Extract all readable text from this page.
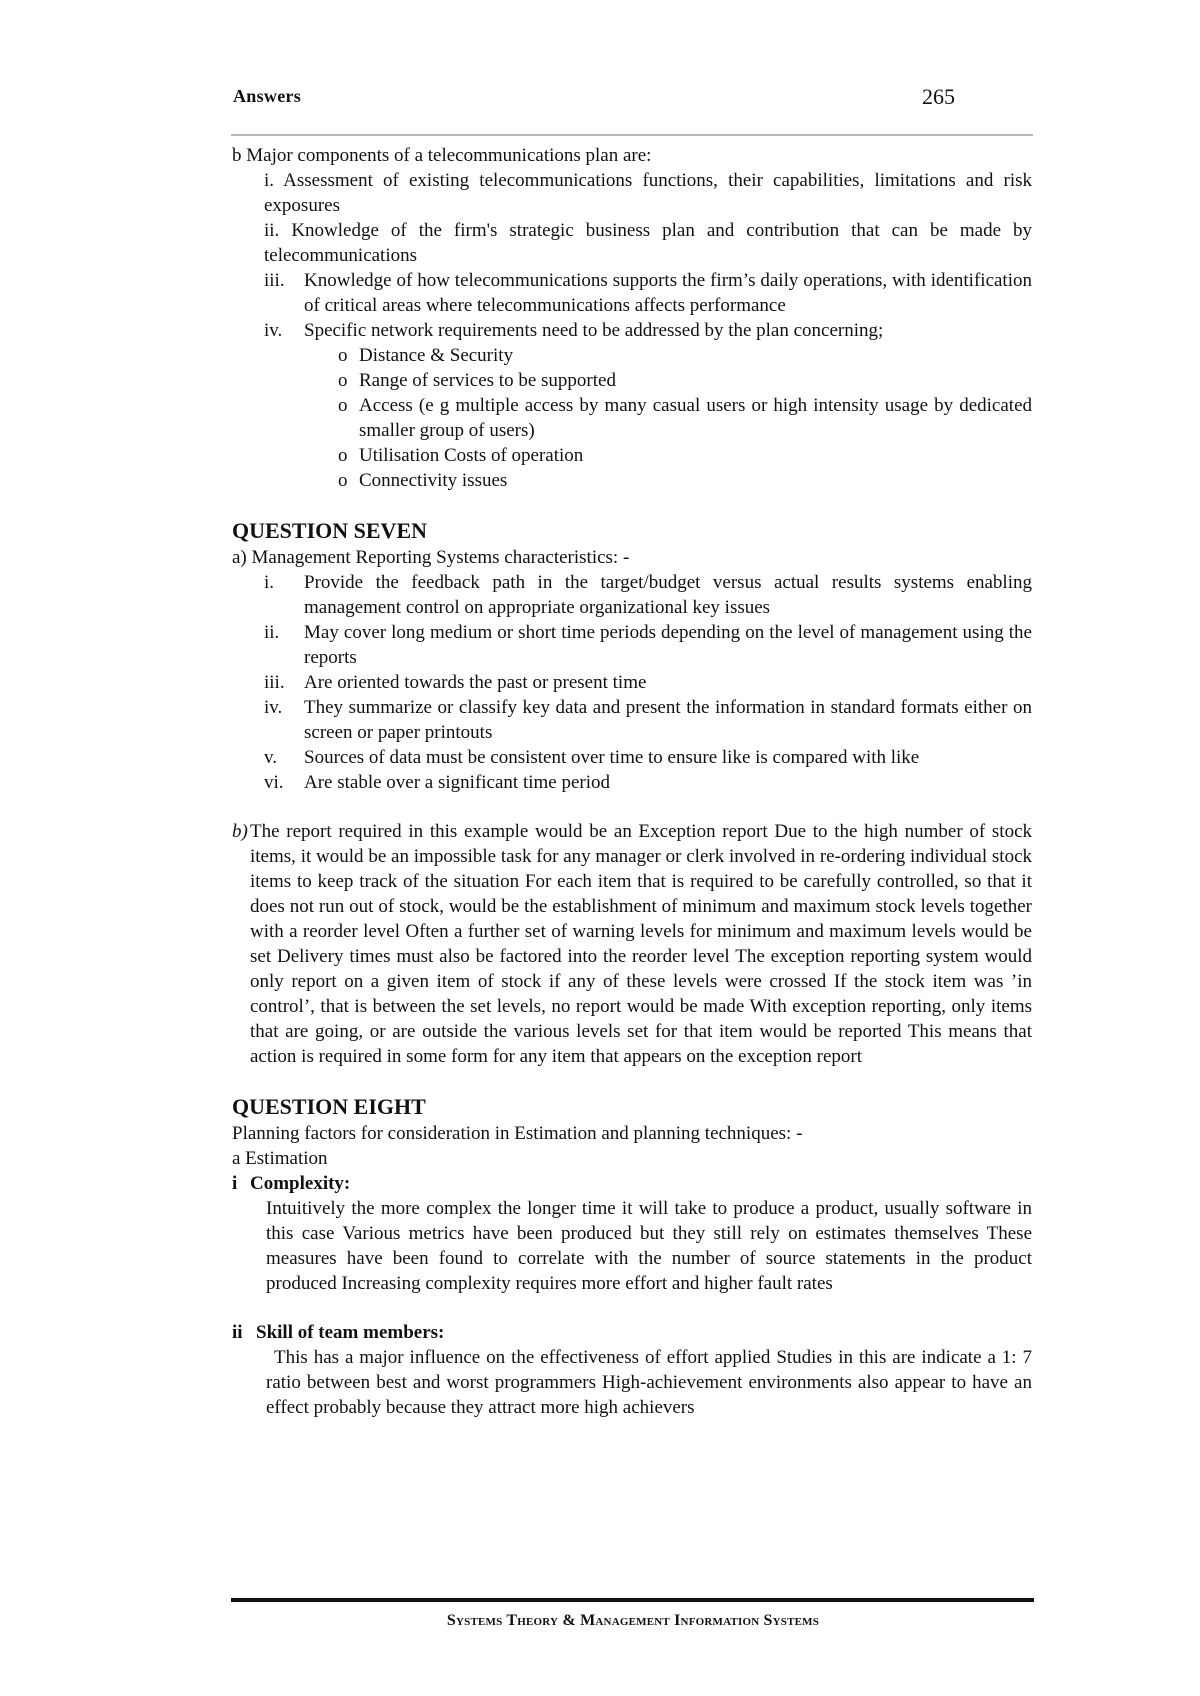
Answers	265

b Major components of a telecommunications plan are:

i. Assessment of existing telecommunications functions, their capabilities, limitations and risk exposures
ii. Knowledge of the firm's strategic business plan and contribution that can be made by telecommunications
iii. Knowledge of how telecommunications supports the firm’s daily operations, with identification of critical areas where telecommunications affects performance
iv. Specific network requirements need to be addressed by the plan concerning;
o Distance & Security
o Range of services to be supported
o Access (e g multiple access by many casual users or high intensity usage by dedicated smaller group of users)
o Utilisation Costs of operation
o Connectivity issues
QUESTION SEVEN

a) Management Reporting Systems characteristics: -

i. Provide the feedback path in the target/budget versus actual results systems enabling management control on appropriate organizational key issues
ii. May cover long medium or short time periods depending on the level of management using the reports
iii. Are oriented towards the past or present time
iv. They summarize or classify key data and present the information in standard formats either on screen or paper printouts
v. Sources of data must be consistent over time to ensure like is compared with like
vi. Are stable over a significant time period
b) The report required in this example would be an Exception report Due to the high number of stock items, it would be an impossible task for any manager or clerk involved in re-ordering individual stock items to keep track of the situation For each item that is required to be carefully controlled, so that it does not run out of stock, would be the establishment of minimum and maximum stock levels together with a reorder level Often a further set of warning levels for minimum and maximum levels would be set Delivery times must also be factored into the reorder level The exception reporting system would only report on a given item of stock if any of these levels were crossed If the stock item was ’in control’, that is between the set levels, no report would be made With exception reporting, only items that are going, or are outside the various levels set for that item would be reported This means that action is required in some form for any item that appears on the exception report
QUESTION EIGHT

Planning factors for consideration in Estimation and planning techniques: -

a Estimation

i Complexity:

Intuitively the more complex the longer time it will take to produce a product, usually software in this case Various metrics have been produced but they still rely on estimates themselves These measures have been found to correlate with the number of source statements in the product produced Increasing complexity requires more effort and higher fault rates

ii Skill of team members:

This has a major influence on the effectiveness of effort applied Studies in this are indicate a 1: 7 ratio between best and worst programmers High-achievement environments also appear to have an effect probably because they attract more high achievers

Systems Theory & Management Information Systems
